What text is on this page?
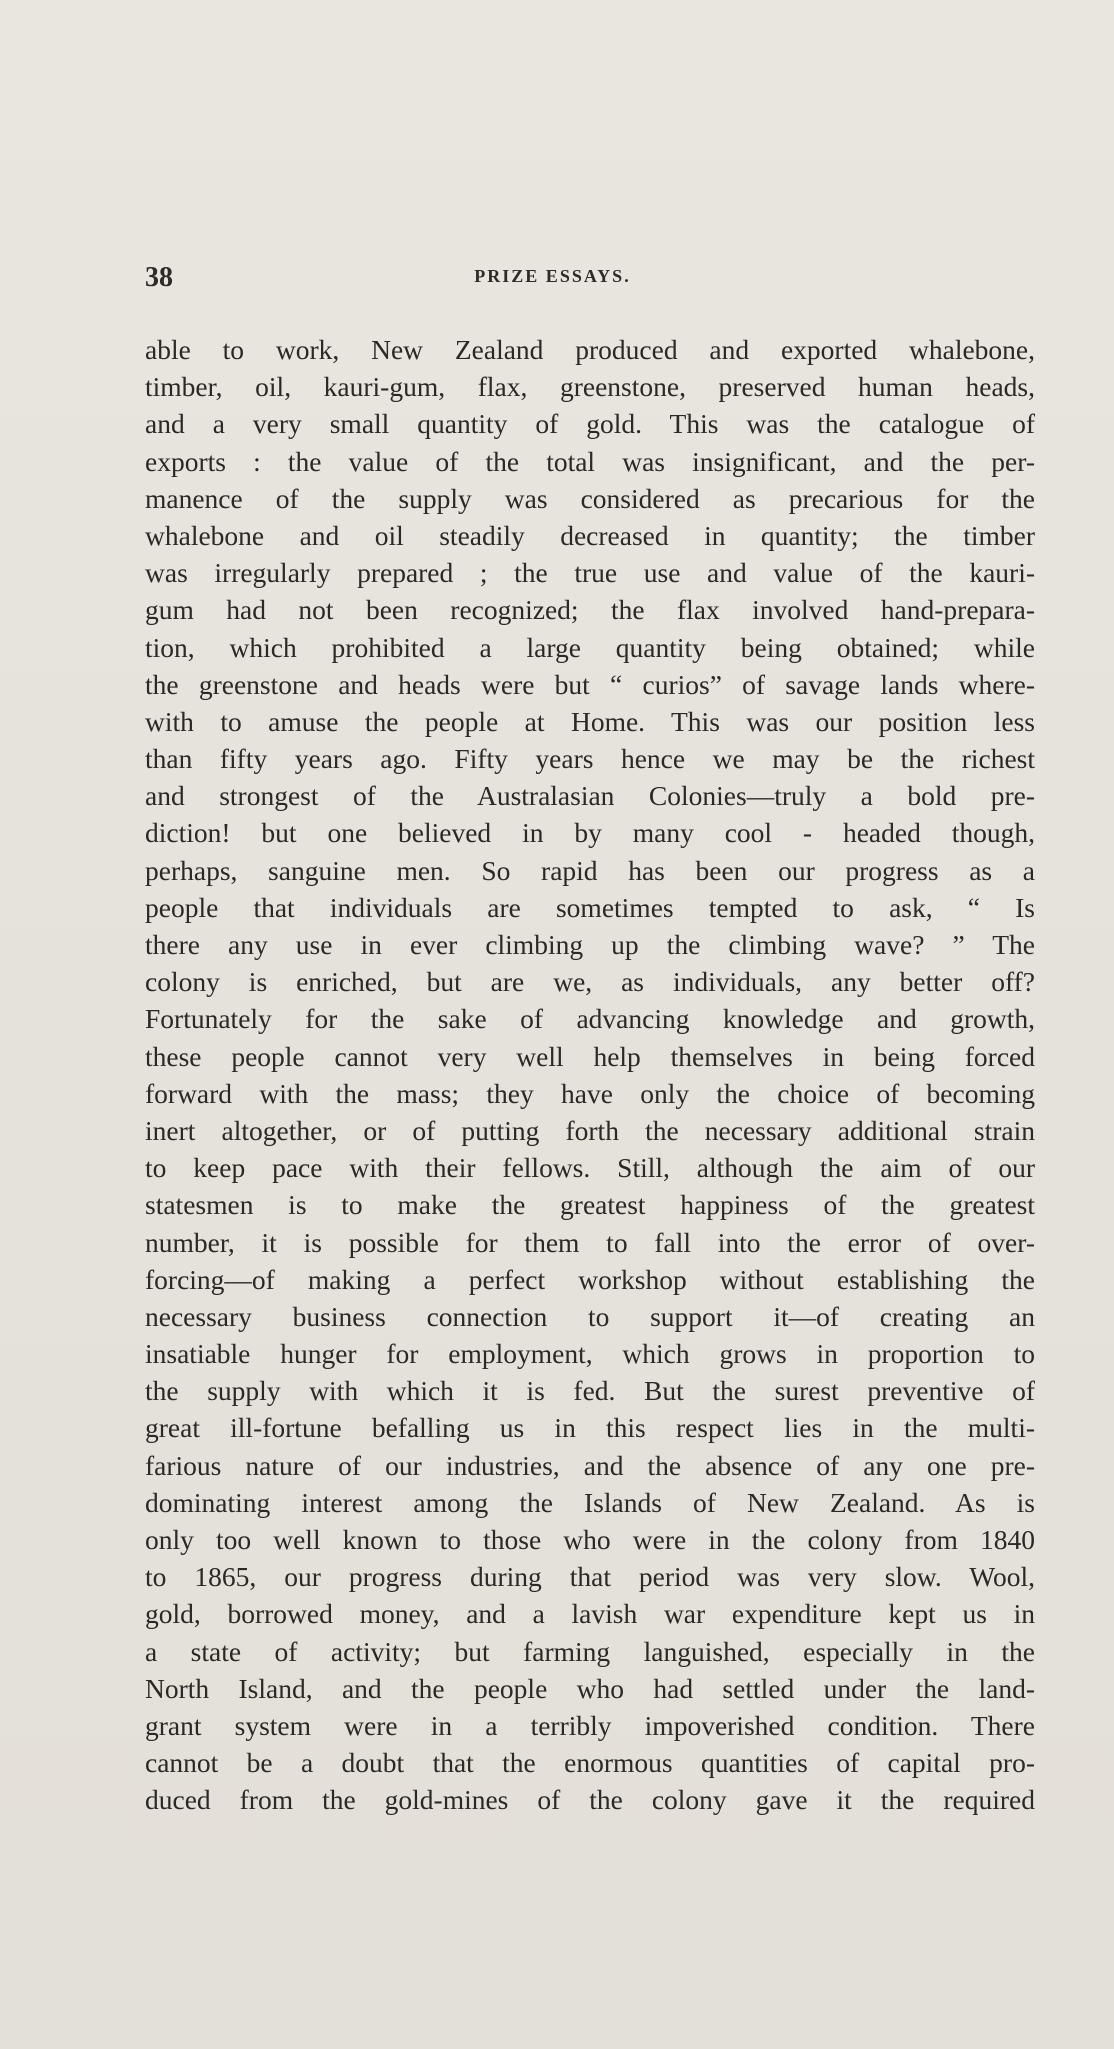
38	PRIZE ESSAYS.
able to work, New Zealand produced and exported whalebone,
timber, oil, kauri-gum, flax, greenstone, preserved human heads,
and a very small quantity of gold. This was the catalogue of
exports : the value of the total was insignificant, and the per-
manence of the supply was considered as precarious for the
whalebone and oil steadily decreased in quantity; the timber
was irregularly prepared ; the true use and value of the kauri-
gum had not been recognized; the flax involved hand-prepara-
tion, which prohibited a large quantity being obtained; while
the greenstone and heads were but “ curios” of savage lands where-
with to amuse the people at Home. This was our position less
than fifty years ago. Fifty years hence we may be the richest
and strongest of the Australasian Colonies—truly a bold pre-
diction! but one believed in by many cool - headed though,
perhaps, sanguine men. So rapid has been our progress as a
people that individuals are sometimes tempted to ask, “ Is
there any use in ever climbing up the climbing wave? ” The
colony is enriched, but are we, as individuals, any better off?
Fortunately for the sake of advancing knowledge and growth,
these people cannot very well help themselves in being forced
forward with the mass; they have only the choice of becoming
inert altogether, or of putting forth the necessary additional strain
to keep pace with their fellows. Still, although the aim of our
statesmen is to make the greatest happiness of the greatest
number, it is possible for them to fall into the error of over-
forcing—of making a perfect workshop without establishing the
necessary business connection to support it—of creating an
insatiable hunger for employment, which grows in proportion to
the supply with which it is fed. But the surest preventive of
great ill-fortune befalling us in this respect lies in the multi-
farious nature of our industries, and the absence of any one pre-
dominating interest among the Islands of New Zealand. As is
only too well known to those who were in the colony from 1840
to 1865, our progress during that period was very slow. Wool,
gold, borrowed money, and a lavish war expenditure kept us in
a state of activity; but farming languished, especially in the
North Island, and the people who had settled under the land-
grant system were in a terribly impoverished condition. There
cannot be a doubt that the enormous quantities of capital pro-
duced from the gold-mines of the colony gave it the required
